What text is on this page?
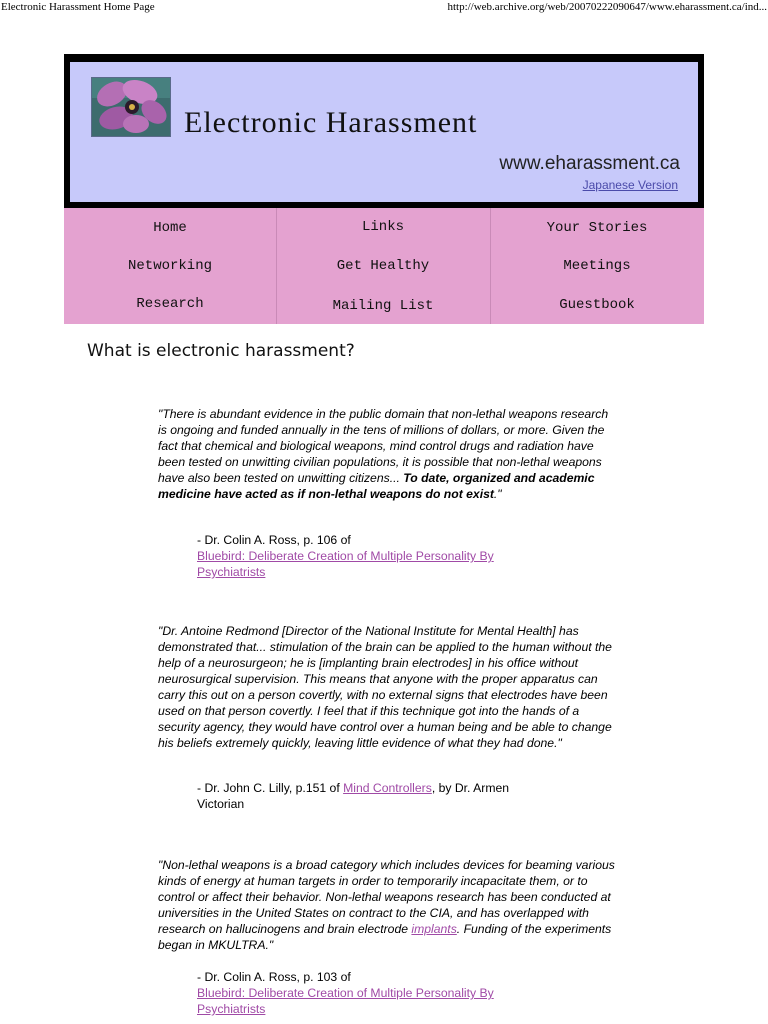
Electronic Harassment Home Page	http://web.archive.org/web/20070222090647/www.eharassment.ca/ind...
Electronic Harassment
www.eharassment.ca
Japanese Version
Home	Links	Your Stories
Networking	Get Healthy	Meetings
Research	Mailing List	Guestbook
What is electronic harassment?
"There is abundant evidence in the public domain that non-lethal weapons research is ongoing and funded annually in the tens of millions of dollars, or more. Given the fact that chemical and biological weapons, mind control drugs and radiation have been tested on unwitting civilian populations, it is possible that non-lethal weapons have also been tested on unwitting citizens... To date, organized and academic medicine have acted as if non-lethal weapons do not exist."
- Dr. Colin A. Ross, p. 106 of
Bluebird: Deliberate Creation of Multiple Personality By Psychiatrists
"Dr. Antoine Redmond [Director of the National Institute for Mental Health] has demonstrated that... stimulation of the brain can be applied to the human without the help of a neurosurgeon; he is [implanting brain electrodes] in his office without neurosurgical supervision. This means that anyone with the proper apparatus can carry this out on a person covertly, with no external signs that electrodes have been used on that person covertly. I feel that if this technique got into the hands of a security agency, they would have control over a human being and be able to change his beliefs extremely quickly, leaving little evidence of what they had done."
- Dr. John C. Lilly, p.151 of Mind Controllers, by Dr. Armen Victorian
"Non-lethal weapons is a broad category which includes devices for beaming various kinds of energy at human targets in order to temporarily incapacitate them, or to control or affect their behavior. Non-lethal weapons research has been conducted at universities in the United States on contract to the CIA, and has overlapped with research on hallucinogens and brain electrode implants. Funding of the experiments began in MKULTRA."
- Dr. Colin A. Ross, p. 103 of
Bluebird: Deliberate Creation of Multiple Personality By Psychiatrists
